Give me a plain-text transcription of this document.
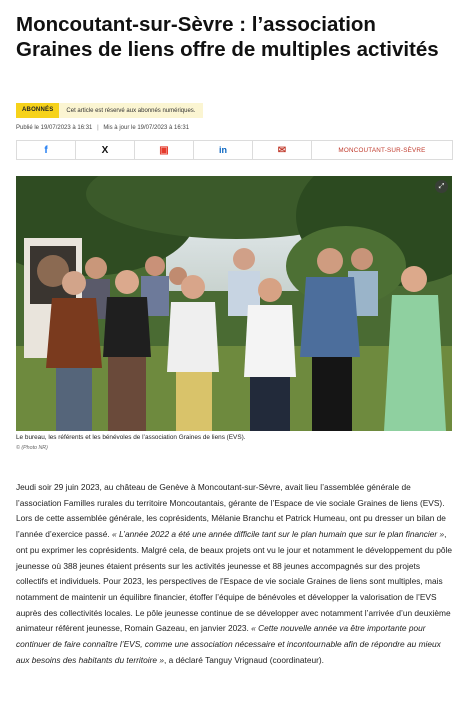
Moncoutant-sur-Sèvre : l’association Graines de liens offre de multiples activités
ABONNÉS	Cet article est réservé aux abonnés numériques.
Publié le 19/07/2023 à 16:31 | Mis à jour le 19/07/2023 à 16:31
f	X	▣	in	✉	MONCOUTANT-SUR-SÈVRE
⤢
Le bureau, les référents et les bénévoles de l’association Graines de liens (EVS).
© (Photo NR)
Jeudi soir 29 juin 2023, au château de Genève à Moncoutant-sur-Sèvre, avait lieu l’assemblée générale de l’association Familles rurales du territoire Moncoutantais, gérante de l’Espace de vie sociale Graines de liens (EVS). Lors de cette assemblée générale, les coprésidents, Mélanie Branchu et Patrick Humeau, ont pu dresser un bilan de l’année d’exercice passé. « L’année 2022 a été une année difficile tant sur le plan humain que sur le plan financier », ont pu exprimer les coprésidents. Malgré cela, de beaux projets ont vu le jour et notamment le développement du pôle jeunesse où 388 jeunes étaient présents sur les activités jeunesse et 88 jeunes accompagnés sur des projets collectifs et individuels. Pour 2023, les perspectives de l’Espace de vie sociale Graines de liens sont multiples, mais notamment de maintenir un équilibre financier, étoffer l’équipe de bénévoles et développer la valorisation de l’EVS auprès des collectivités locales. Le pôle jeunesse continue de se développer avec notamment l’arrivée d’un deuxième animateur référent jeunesse, Romain Gazeau, en janvier 2023. « Cette nouvelle année va être importante pour continuer de faire connaître l’EVS, comme une association nécessaire et incontournable afin de répondre au mieux aux besoins des habitants du territoire », a déclaré Tanguy Vrignaud (coordinateur).
